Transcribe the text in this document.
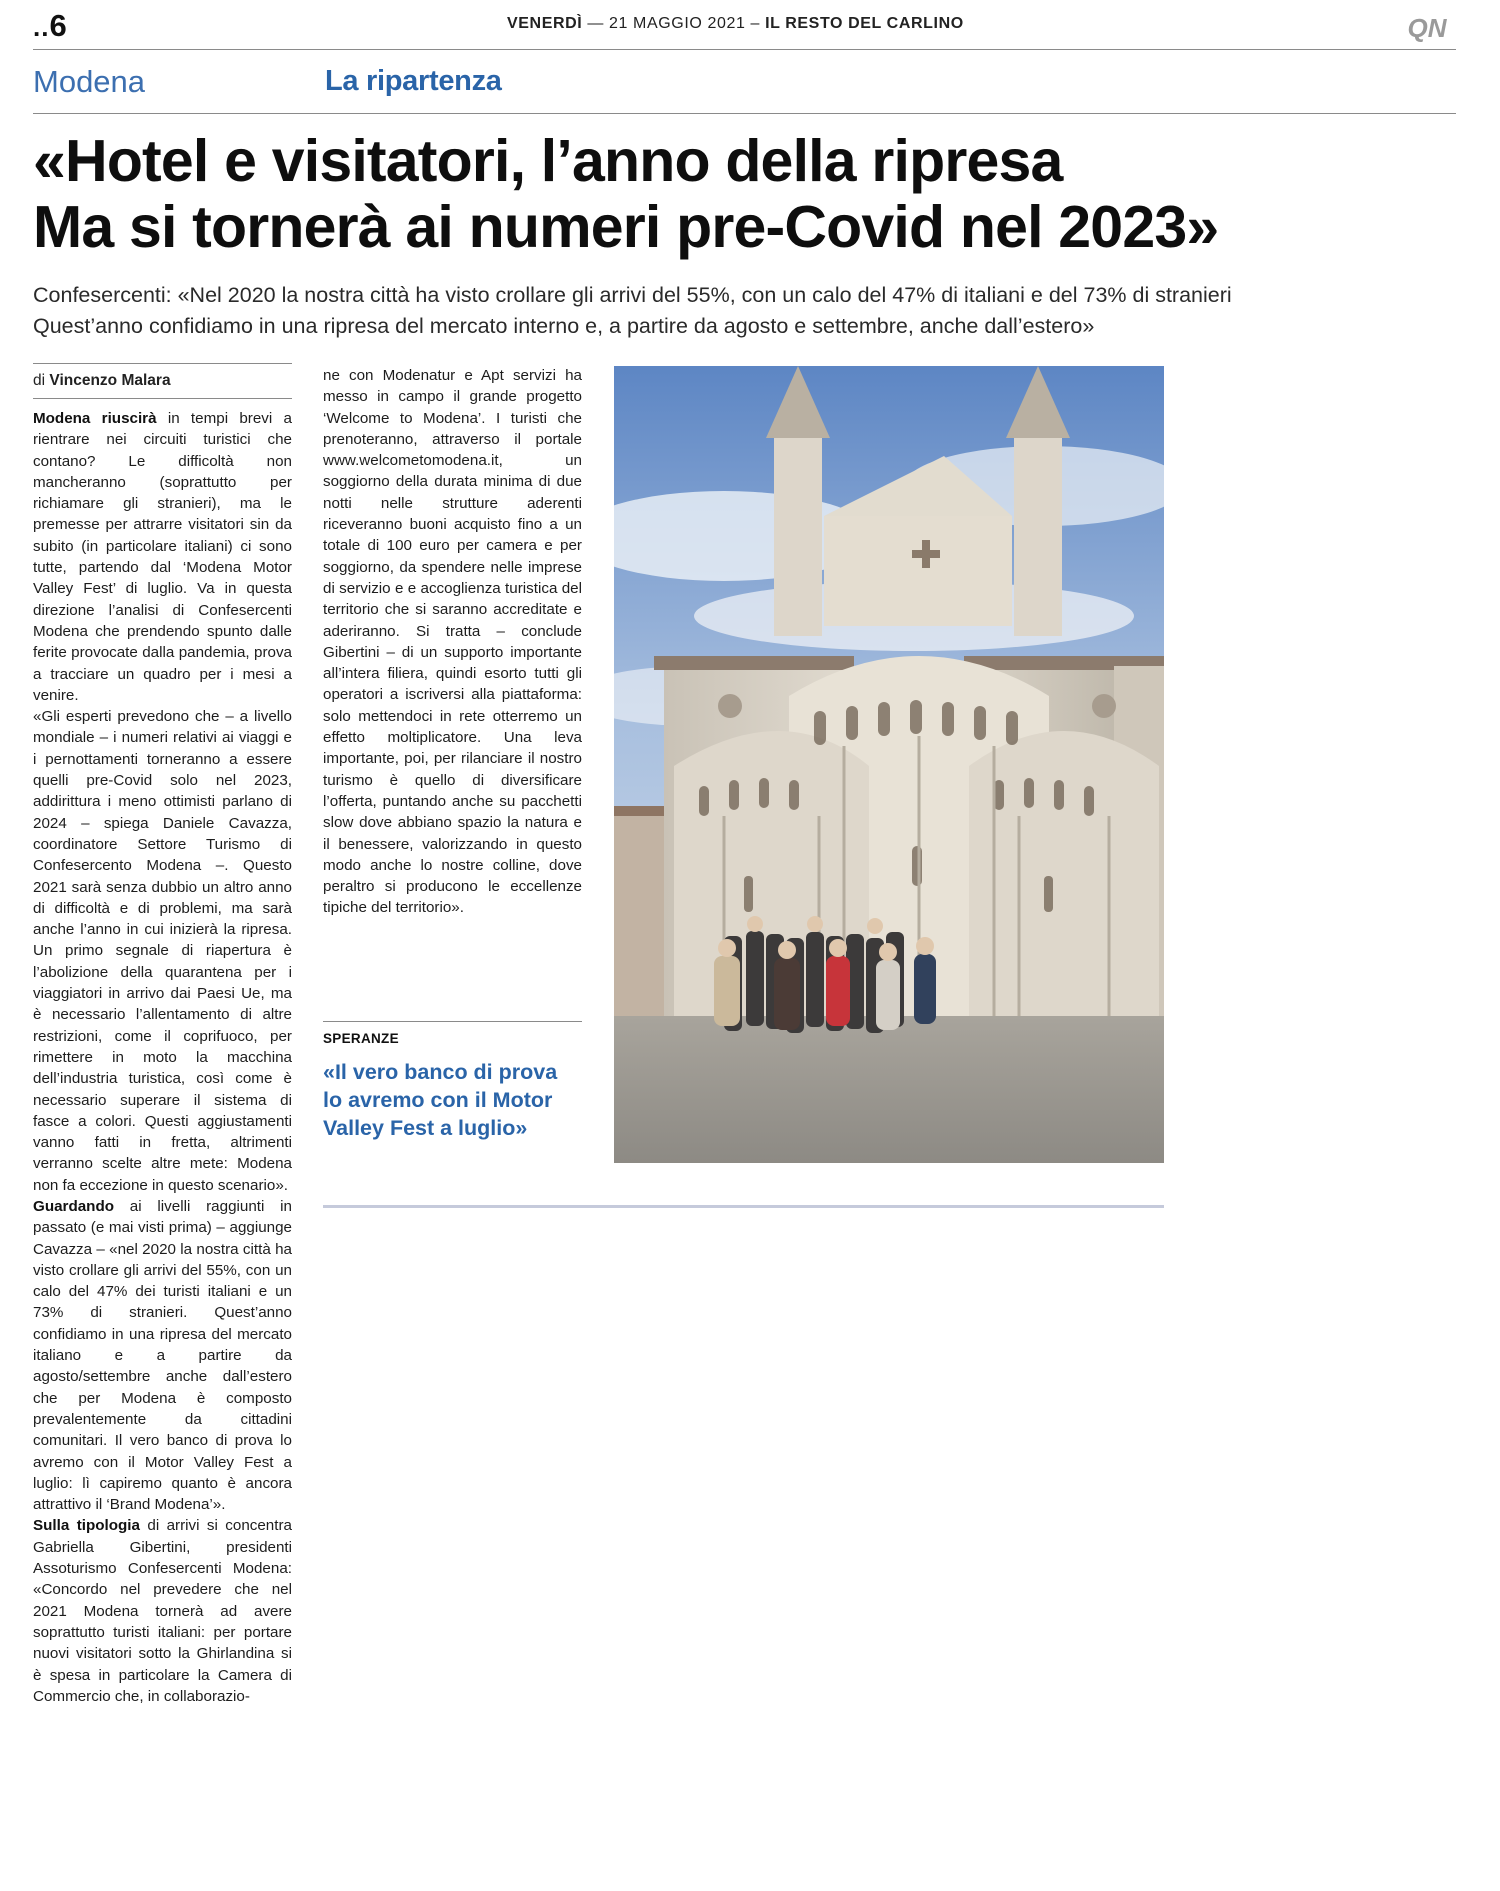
..6	VENERDÌ — 21 MAGGIO 2021 – IL RESTO DEL CARLINO	QN
Modena	La ripartenza
«Hotel e visitatori, l’anno della ripresa
Ma si tornerà ai numeri pre-Covid nel 2023»
Confesercenti: «Nel 2020 la nostra città ha visto crollare gli arrivi del 55%, con un calo del 47% di italiani e del 73% di stranieri
Quest’anno confidiamo in una ripresa del mercato interno e, a partire da agosto e settembre, anche dall’estero»
di Vincenzo Malara

Modena riuscirà in tempi brevi a rientrare nei circuiti turistici che contano? Le difficoltà non mancheranno (soprattutto per richiamare gli stranieri), ma le premesse per attrarre visitatori sin da subito (in particolare italiani) ci sono tutte, partendo dal ‘Modena Motor Valley Fest’ di luglio. Va in questa direzione l’analisi di Confesercenti Modena che prendendo spunto dalle ferite provocate dalla pandemia, prova a tracciare un quadro per i mesi a venire.

«Gli esperti prevedono che – a livello mondiale – i numeri relativi ai viaggi e i pernottamenti torneranno a essere quelli pre-Covid solo nel 2023, addirittura i meno ottimisti parlano di 2024 – spiega Daniele Cavazza, coordinatore Settore Turismo di Confesercento Modena –. Questo 2021 sarà senza dubbio un altro anno di difficoltà e di problemi, ma sarà anche l’anno in cui inizierà la ripresa. Un primo segnale di riapertura è l’abolizione della quarantena per i viaggiatori in arrivo dai Paesi Ue, ma è necessario l’allentamento di altre restrizioni, come il coprifuoco, per rimettere in moto la macchina dell’industria turistica, così come è necessario superare il sistema di fasce a colori. Questi aggiustamenti vanno fatti in fretta, altrimenti verranno scelte altre mete: Modena non fa eccezione in questo scenario».

Guardando ai livelli raggiunti in passato (e mai visti prima) – aggiunge Cavazza – «nel 2020 la nostra città ha visto crollare gli arrivi del 55%, con un calo del 47% dei turisti italiani e un 73% di stranieri. Quest’anno confidiamo in una ripresa del mercato italiano e a partire da agosto/settembre anche dall’estero che per Modena è composto prevalentemente da cittadini comunitari. Il vero banco di prova lo avremo con il Motor Valley Fest a luglio: lì capiremo quanto è ancora attrattivo il ‘Brand Modena’».

Sulla tipologia di arrivi si concentra Gabriella Gibertini, presidenti Assoturismo Confesercenti Modena: «Concordo nel prevedere che nel 2021 Modena tornerà ad avere soprattutto turisti italiani: per portare nuovi visitatori sotto la Ghirlandina si è spesa in particolare la Camera di Commercio che, in collaborazio-

ne con Modenatur e Apt servizi ha messo in campo il grande progetto ‘Welcome to Modena’. I turisti che prenoteranno, attraverso il portale www.welcometomodena.it, un soggiorno della durata minima di due notti nelle strutture aderenti riceveranno buoni acquisto fino a un totale di 100 euro per camera e per soggiorno, da spendere nelle imprese di servizio e e accoglienza turistica del territorio che si saranno accreditate e aderiranno. Si tratta – conclude Gibertini – di un supporto importante all’intera filiera, quindi esorto tutti gli operatori a iscriversi alla piattaforma: solo mettendoci in rete otterremo un effetto moltiplicatore. Una leva importante, poi, per rilanciare il nostro turismo è quello di diversificare l’offerta, puntando anche su pacchetti slow dove abbiano spazio la natura e il benessere, valorizzando in questo modo anche lo nostre colline, dove peraltro si producono le eccellenze tipiche del territorio».

SPERANZE
«Il vero banco di prova lo avremo con il Motor Valley Fest a luglio»
